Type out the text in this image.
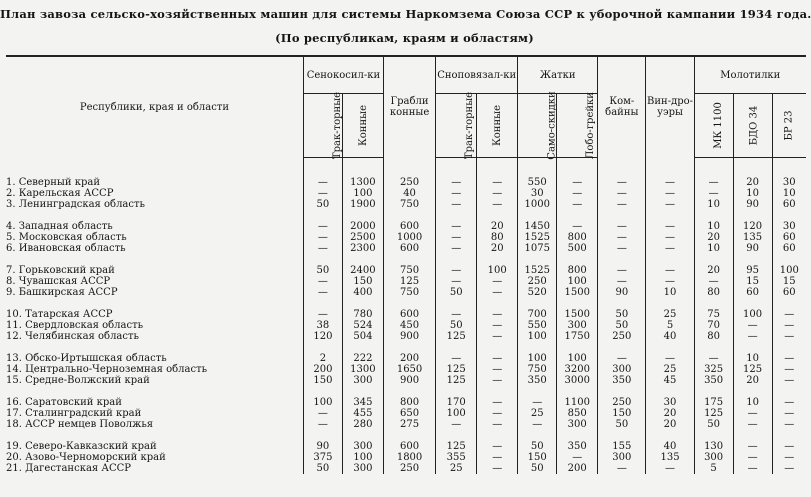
План завоза сельско-хозяйственных машин для системы Наркомзема Союза ССР к уборочной кампании 1934 года.
(По республикам, краям и областям)
Республики, края и области	Сенокосил-ки		Грабли конные	Сноповязал-ки		Жатки		Ком-байны	Вин-дро-уэры	Молотилки		
	Трак-торные	Конные		Трак-торные	Конные	Само-скидки	Лобо-грейки			МК 1100	БДО 34	БР 23

1. Северный край	—	1300	250	—	—	550	—	—	—	—	20	30
2. Карельская АССР	—	100	40	—	—	30	—	—	—	—	10	10
3. Ленинградская область	50	1900	750	—	—	1000	—	—	—	10	90	60

4. Западная область	—	2000	600	—	20	1450	—	—	—	10	120	30
5. Московская область	—	2500	1000	—	80	1525	800	—	—	20	135	60
6. Ивановская область	—	2300	600	—	20	1075	500	—	—	10	90	60

7. Горьковский край	50	2400	750	—	100	1525	800	—	—	20	95	100
8. Чувашская АССР	—	150	125	—	—	250	100	—	—	—	15	15
9. Башкирская АССР	—	400	750	50	—	520	1500	90	10	80	60	60

10. Татарская АССР	—	780	600	—	—	700	1500	50	25	75	100	—
11. Свердловская область	38	524	450	50	—	550	300	50	5	70	—	—
12. Челябинская область	120	504	900	125	—	100	1750	250	40	80	—	—

13. Обско-Иртышская область	2	222	200	—	—	100	100	—	—	—	10	—
14. Центрально-Черноземная область	200	1300	1650	125	—	750	3200	300	25	325	125	—
15. Средне-Волжский край	150	300	900	125	—	350	3000	350	45	350	20	—

16. Саратовский край	100	345	800	170	—	—	1100	250	30	175	10	—
17. Сталинградский край	—	455	650	100	—	25	850	150	20	125	—	—
18. АССР немцев Поволжья	—	280	275	—	—	—	300	50	20	50	—	—

19. Северо-Кавказский край	90	300	600	125	—	50	350	155	40	130	—	—
20. Азово-Черноморский край	375	100	1800	355	—	150	—	300	135	300	—	—
21. Дагестанская АССР	50	300	250	25	—	50	200	—	—	5	—	—
